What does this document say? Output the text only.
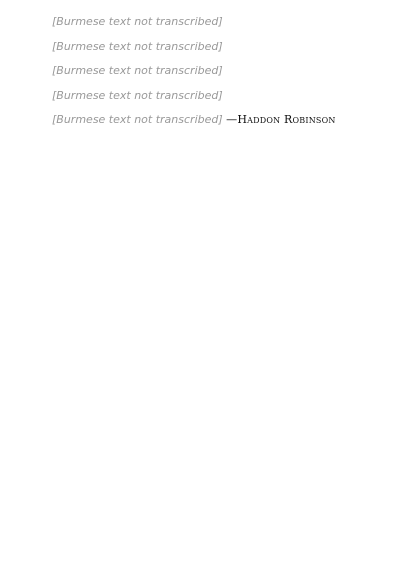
[Burmese text not transcribed]

[Burmese text not transcribed]

[Burmese text not transcribed]

[Burmese text not transcribed]

[Burmese text not transcribed] —Haddon Robinson
